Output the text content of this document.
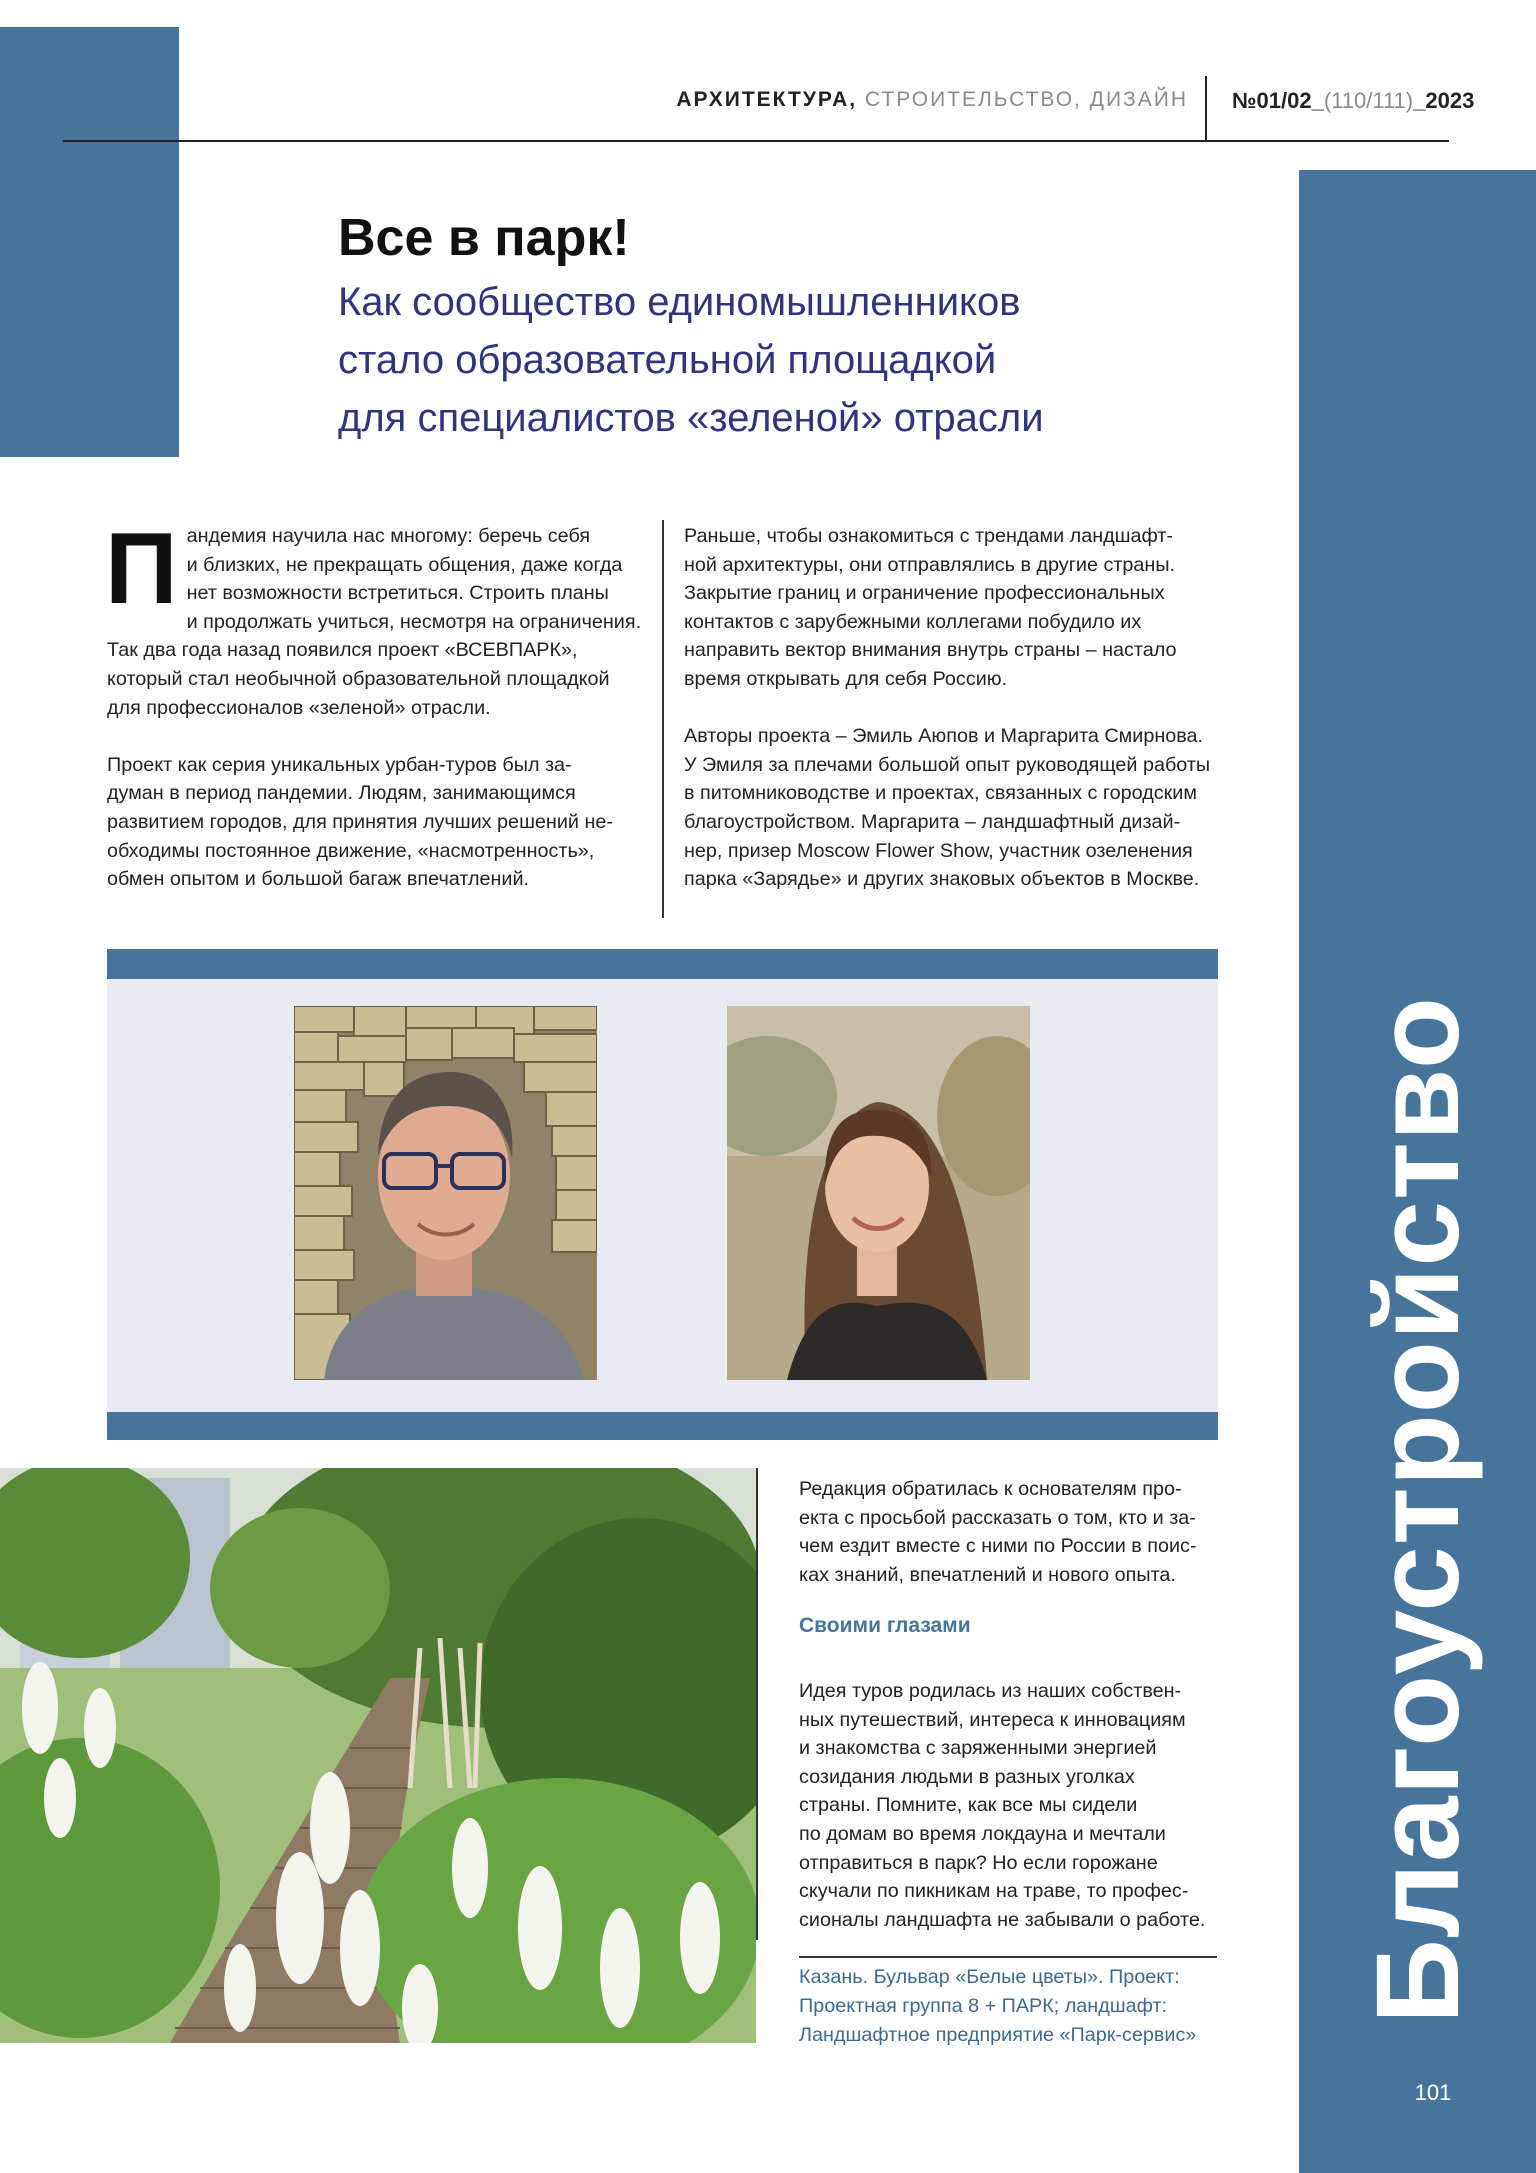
АРХИТЕКТУРА, СТРОИТЕЛЬСТВО, ДИЗАЙН №01/02_(110/111)_2023
Благоустройство
101
Все в парк!
Как сообщество единомышленников
стало образовательной площадкой
для специалистов «зеленой» отрасли

П андемия научила нас многому: беречь себя
и близких, не прекращать общения, даже когда
нет возможности встретиться. Строить планы
и продолжать учиться, несмотря на ограничения.
Так два года назад появился проект «ВСЕВПАРК»,
который стал необычной образовательной площадкой
для профессионалов «зеленой» отрасли.

Проект как серия уникальных урбан-туров был за-
думан в период пандемии. Людям, занимающимся
развитием городов, для принятия лучших решений не-
обходимы постоянное движение, «насмотренность»,
обмен опытом и большой багаж впечатлений.

Раньше, чтобы ознакомиться с трендами ландшафт-
ной архитектуры, они отправлялись в другие страны.
Закрытие границ и ограничение профессиональных
контактов с зарубежными коллегами побудило их
направить вектор внимания внутрь страны – настало
время открывать для себя Россию.

Авторы проекта – Эмиль Аюпов и Маргарита Смирнова.
У Эмиля за плечами большой опыт руководящей работы
в питомниководстве и проектах, связанных с городским
благоустройством. Маргарита – ландшафтный дизай-
нер, призер Moscow Flower Show, участник озеленения
парка «Зарядье» и других знаковых объектов в Москве.

Редакция обратилась к основателям про-
екта с просьбой рассказать о том, кто и за-
чем ездит вместе с ними по России в поис-
ках знаний, впечатлений и нового опыта.

Своими глазами

Идея туров родилась из наших собствен-
ных путешествий, интереса к инновациям
и знакомства с заряженными энергией
созидания людьми в разных уголках
страны. Помните, как все мы сидели
по домам во время локдауна и мечтали
отправиться в парк? Но если горожане
скучали по пикникам на траве, то профес-
сионалы ландшафта не забывали о работе.

Казань. Бульвар «Белые цветы». Проект:
Проектная группа 8 + ПАРК; ландшафт:
Ландшафтное предприятие «Парк-сервис»
